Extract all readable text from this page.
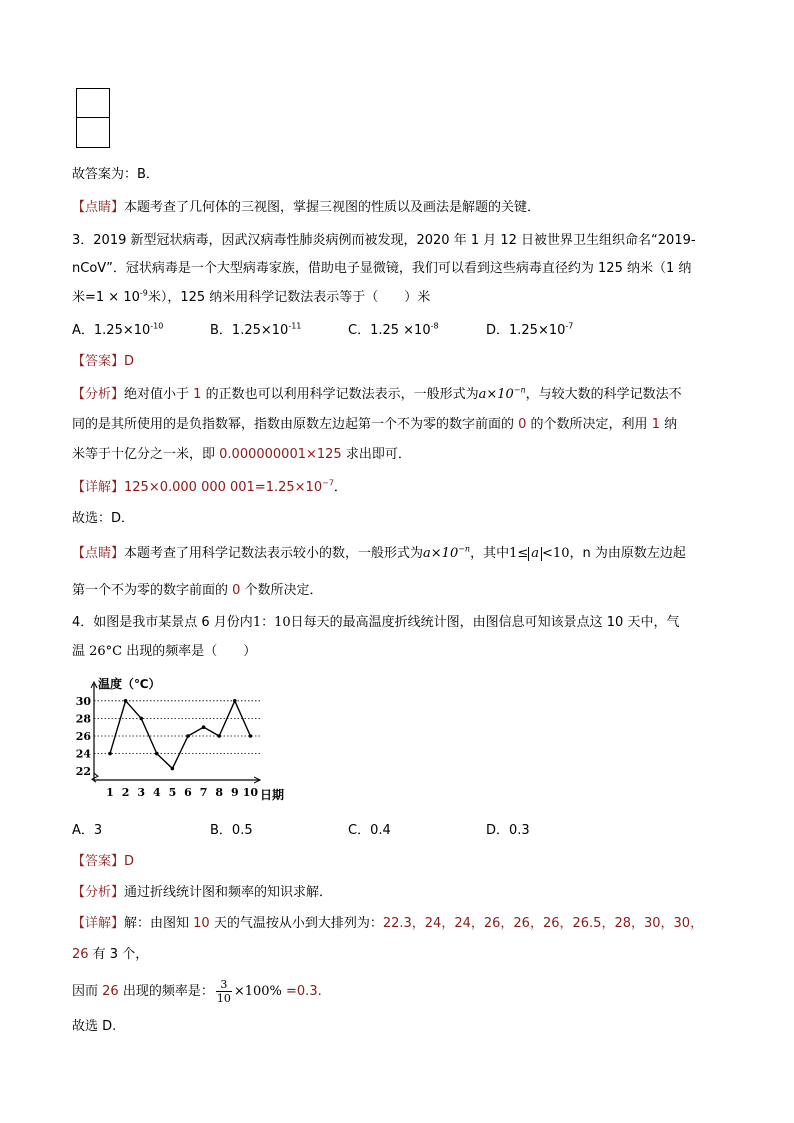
故答案为：B．
【点睛】本题考查了几何体的三视图，掌握三视图的性质以及画法是解题的关键．
3．2019 新型冠状病毒，因武汉病毒性肺炎病例而被发现，2020 年 1 月 12 日被世界卫生组织命名“2019-
nCoV”．冠状病毒是一个大型病毒家族，借助电子显微镜，我们可以看到这些病毒直径约为 125 纳米（1 纳
米$=1 \times 10^{-9}$米），125 纳米用科学记数法表示等于（　　）米
A．$1.25\times 10^{-10}$	B．$1.25\times 10^{-11}$	C．$1.25 \times 10^{-8}$	D．$1.25\times 10^{-7}$
【答案】D
【分析】绝对值小于 1 的正数也可以利用科学记数法表示，一般形式为$a\times 10^{-n}$，与较大数的科学记数法不
同的是其所使用的是负指数幂，指数由原数左边起第一个不为零的数字前面的 0 的个数所决定，利用 1 纳
米等于十亿分之一米，即 0.000000001×125 求出即可．
【详解】125×0.000 000 $001=1.25\times 10^{-7}$．
故选：D．
【点睛】本题考查了用科学记数法表示较小的数，一般形式为$a\times 10^{-n}$，其中1≤ a <10，n 为由原数左边起
第一个不为零的数字前面的 0 个数所决定．
4．如图是我市某景点 6 月份内1：10日每天的最高温度折线统计图，由图信息可知该景点这 10 天中，气
温 26°C 出现的频率是（　　）
22
24
26
28
30
1 2 3 4 5 6 7 8 9 10
温度（℃）
日期
A．3	B．0.5	C．0.4	D．0.3
【答案】D
【分析】通过折线统计图和频率的知识求解．
【详解】解：由图知 10 天的气温按从小到大排列为：22.3，24，24，26，26，26，26.5，28，30，30，
26 有 3 个，
因而 26 出现的频率是： $\frac{3}{10} \times 100\% =0.3$.
故选 D.
